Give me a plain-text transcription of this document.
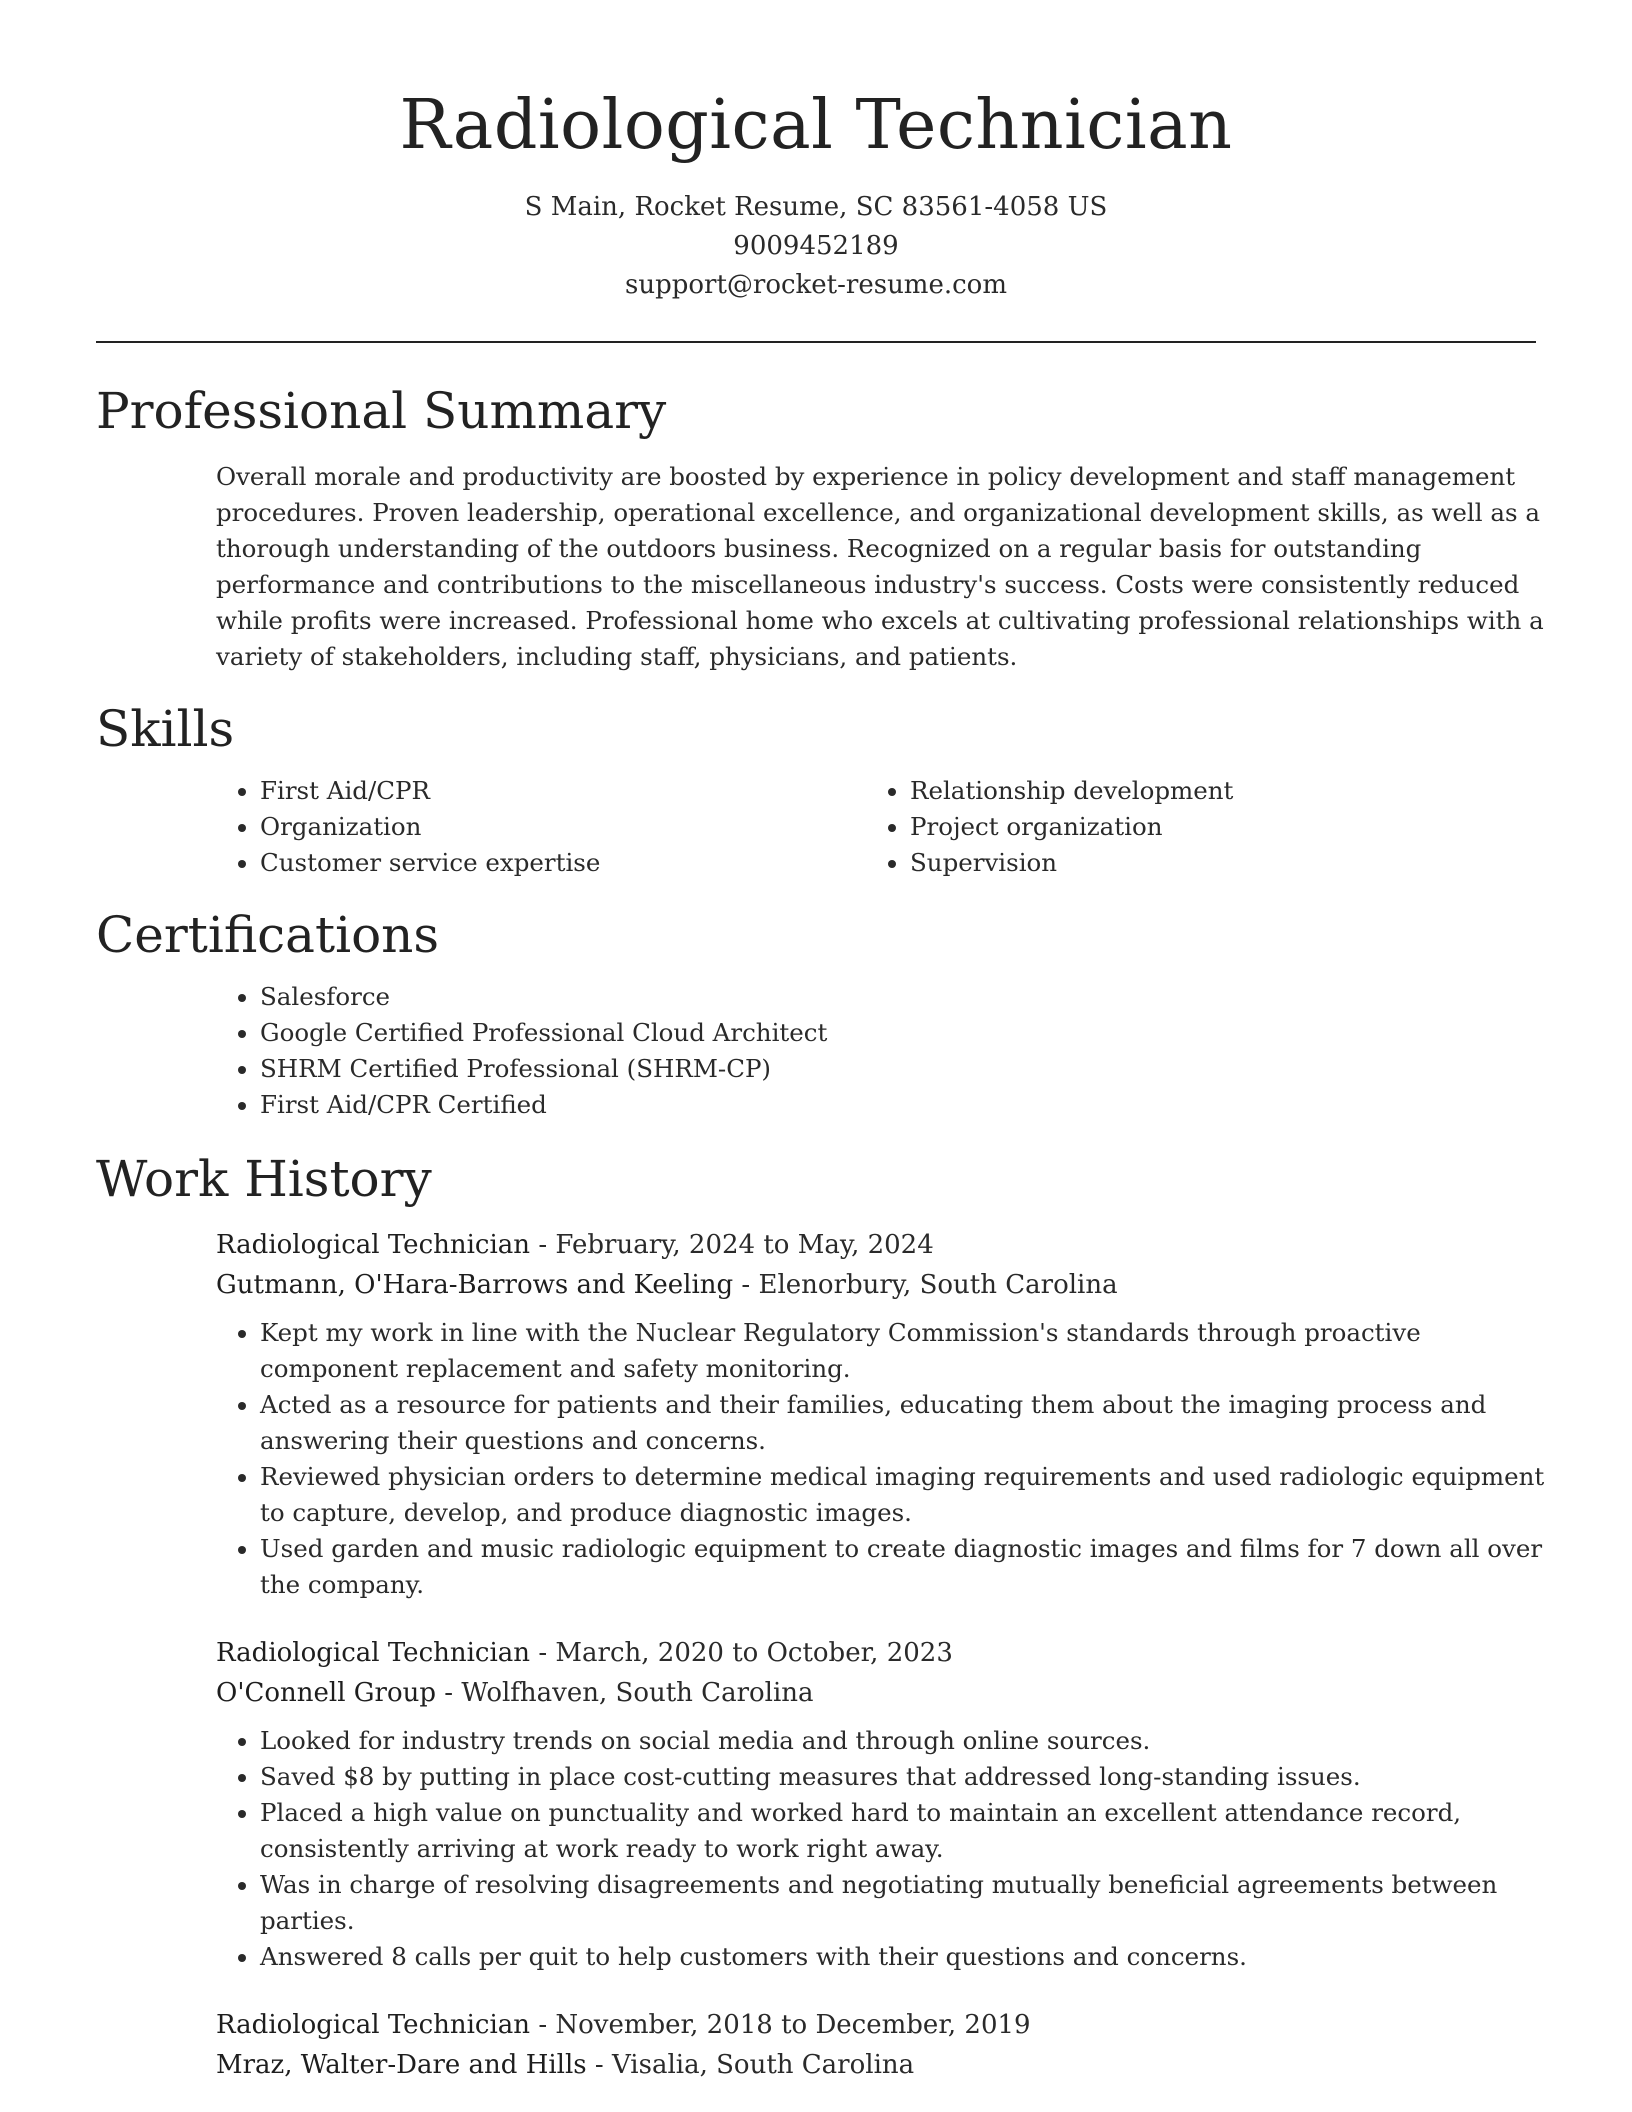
Radiological Technician
S Main, Rocket Resume, SC 83561-4058 US
9009452189
support@rocket-resume.com
Professional Summary

Overall morale and productivity are boosted by experience in policy development and staff management procedures. Proven leadership, operational excellence, and organizational development skills, as well as a thorough understanding of the outdoors business. Recognized on a regular basis for outstanding performance and contributions to the miscellaneous industry's success. Costs were consistently reduced while profits were increased. Professional home who excels at cultivating professional relationships with a variety of stakeholders, including staff, physicians, and patients.

Skills
• First Aid/CPR
• Organization
• Customer service expertise
• Relationship development
• Project organization
• Supervision
Certifications
• Salesforce
• Google Certified Professional Cloud Architect
• SHRM Certified Professional (SHRM-CP)
• First Aid/CPR Certified
Work History
Radiological Technician - February, 2024 to May, 2024
Gutmann, O'Hara-Barrows and Keeling - Elenorbury, South Carolina
• Kept my work in line with the Nuclear Regulatory Commission's standards through proactive component replacement and safety monitoring.
• Acted as a resource for patients and their families, educating them about the imaging process and answering their questions and concerns.
• Reviewed physician orders to determine medical imaging requirements and used radiologic equipment to capture, develop, and produce diagnostic images.
• Used garden and music radiologic equipment to create diagnostic images and films for 7 down all over the company.
Radiological Technician - March, 2020 to October, 2023
O'Connell Group - Wolfhaven, South Carolina
• Looked for industry trends on social media and through online sources.
• Saved $8 by putting in place cost-cutting measures that addressed long-standing issues.
• Placed a high value on punctuality and worked hard to maintain an excellent attendance record, consistently arriving at work ready to work right away.
• Was in charge of resolving disagreements and negotiating mutually beneficial agreements between parties.
• Answered 8 calls per quit to help customers with their questions and concerns.
Radiological Technician - November, 2018 to December, 2019
Mraz, Walter-Dare and Hills - Visalia, South Carolina
